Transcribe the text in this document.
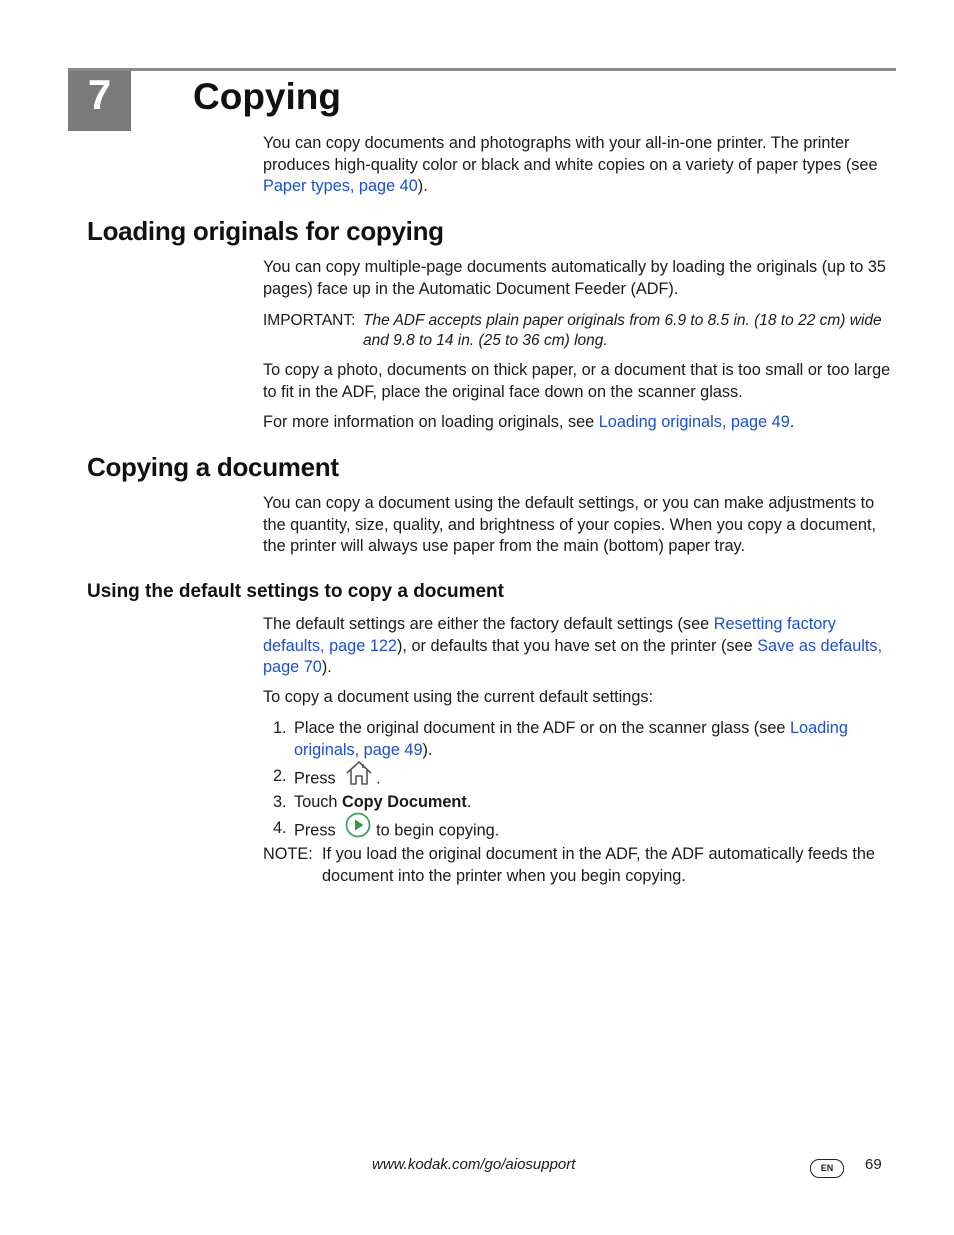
7	Copying

You can copy documents and photographs with your all-in-one printer. The printer produces high-quality color or black and white copies on a variety of paper types (see Paper types, page 40).

Loading originals for copying

You can copy multiple-page documents automatically by loading the originals (up to 35 pages) face up in the Automatic Document Feeder (ADF).

IMPORTANT: The ADF accepts plain paper originals from 6.9 to 8.5 in. (18 to 22 cm) wide and 9.8 to 14 in. (25 to 36 cm) long.

To copy a photo, documents on thick paper, or a document that is too small or too large to fit in the ADF, place the original face down on the scanner glass.

For more information on loading originals, see Loading originals, page 49.

Copying a document

You can copy a document using the default settings, or you can make adjustments to the quantity, size, quality, and brightness of your copies. When you copy a document, the printer will always use paper from the main (bottom) paper tray.

Using the default settings to copy a document

The default settings are either the factory default settings (see Resetting factory defaults, page 122), or defaults that you have set on the printer (see Save as defaults, page 70).

To copy a document using the current default settings:

1. Place the original document in the ADF or on the scanner glass (see Loading originals, page 49).
2. Press .
3. Touch Copy Document.
4. Press to begin copying.
NOTE: If you load the original document in the ADF, the ADF automatically feeds the document into the printer when you begin copying.
www.kodak.com/go/aiosupport	EN	69
